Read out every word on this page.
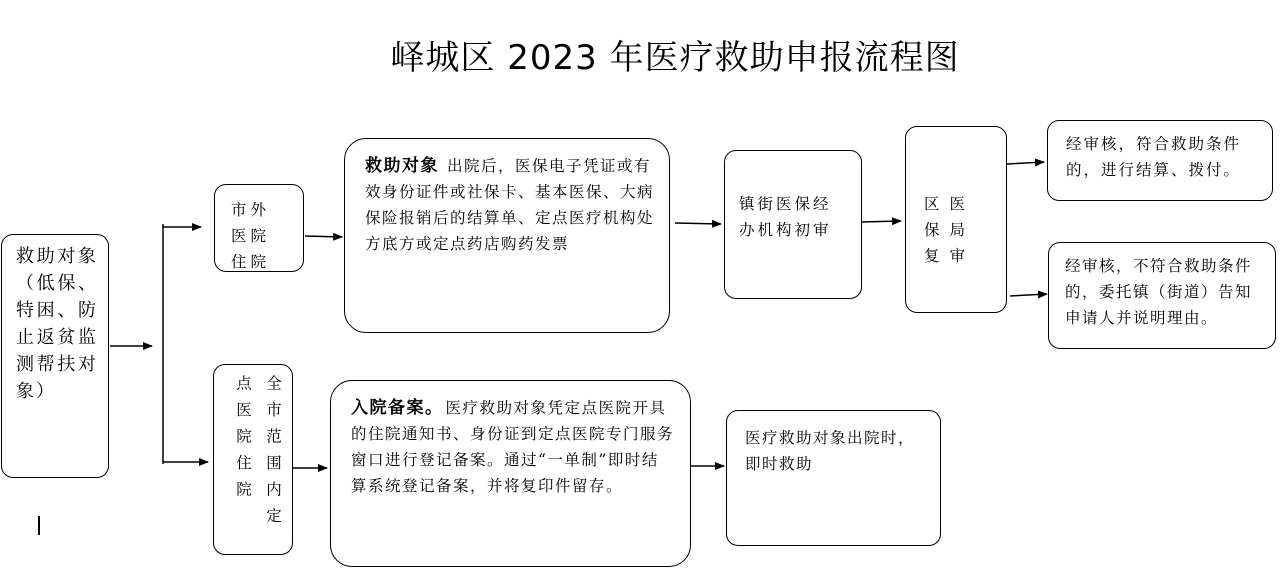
峄城区 2023 年医疗救助申报流程图
救助对象（低保、特困、防止返贫监测帮扶对象）
市外医院住院
救助对象 出院后，医保电子凭证或有效身份证件或社保卡、基本医保、大病保险报销后的结算单、定点医疗机构处方底方或定点药店购药发票
镇街医保经办机构初审
区医保局复审
经审核，符合救助条件的，进行结算、拨付。
经审核，不符合救助条件的，委托镇（街道）告知申请人并说明理由。
全市范围内定点医院住院	入院备案。 医疗救助对象凭定点医院开具的住院通知书、身份证到定点医院专门服务窗口进行登记备案。通过“一单制”即时结算系统登记备案，并将复印件留存。
医疗救助对象出院时，即时救助
